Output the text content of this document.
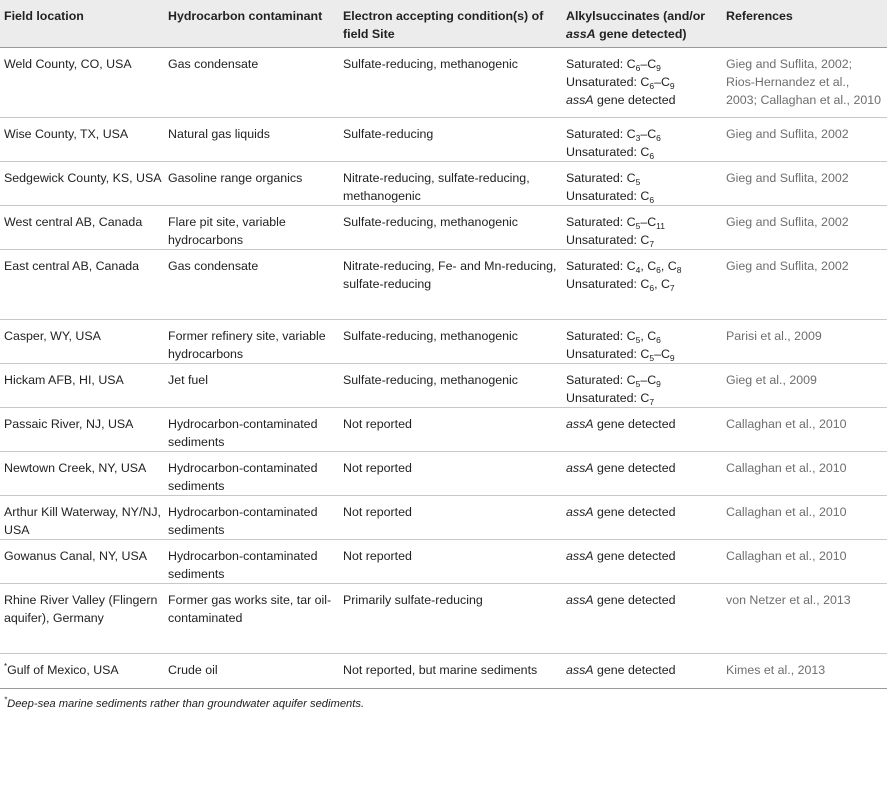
Field location	Hydrocarbon contaminant	Electron accepting condition(s) of field Site	Alkylsuccinates (and/or
assA gene detected)	References
Weld County, CO, USA	Gas condensate	Sulfate-reducing, methanogenic	Saturated: $C_6-C_9$
Unsaturated: $C_6-C_9$
assA gene detected	Gieg and Suflita, 2002;
Rios-Hernandez et al.,
2003; Callaghan et al., 2010

Wise County, TX, USA	Natural gas liquids	Sulfate-reducing	Saturated: $C_3-C_6$
Unsaturated: $C_6$	Gieg and Suflita, 2002

Sedgewick County, KS, USA	Gasoline range organics	Nitrate-reducing, sulfate-reducing, methanogenic	Saturated: $C_5$
Unsaturated: $C_6$	Gieg and Suflita, 2002

West central AB, Canada	Flare pit site, variable hydrocarbons	Sulfate-reducing, methanogenic	Saturated: $C_5-C_{11}$
Unsaturated: $C_7$	Gieg and Suflita, 2002

East central AB, Canada	Gas condensate	Nitrate-reducing, Fe- and Mn-reducing, sulfate-reducing	Saturated: $C_4$, $C_6$, $C_8$
Unsaturated: $C_6$, $C_7$	Gieg and Suflita, 2002

Casper, WY, USA	Former refinery site, variable hydrocarbons	Sulfate-reducing, methanogenic	Saturated: $C_5$, $C_6$
Unsaturated: $C_5-C_9$	Parisi et al., 2009

Hickam AFB, HI, USA	Jet fuel	Sulfate-reducing, methanogenic	Saturated: $C_5-C_9$
Unsaturated: $C_7$	Gieg et al., 2009

Passaic River, NJ, USA	Hydrocarbon-contaminated sediments	Not reported	assA gene detected	Callaghan et al., 2010

Newtown Creek, NY, USA	Hydrocarbon-contaminated sediments	Not reported	assA gene detected	Callaghan et al., 2010

Arthur Kill Waterway, NY/NJ, USA	Hydrocarbon-contaminated sediments	Not reported	assA gene detected	Callaghan et al., 2010

Gowanus Canal, NY, USA	Hydrocarbon-contaminated sediments	Not reported	assA gene detected	Callaghan et al., 2010

Rhine River Valley (Flingern aquifer), Germany	Former gas works site, tar oil-contaminated	Primarily sulfate-reducing	assA gene detected	von Netzer et al., 2013

*Gulf of Mexico, USA	Crude oil	Not reported, but marine sediments	assA gene detected	Kimes et al., 2013
*Deep-sea marine sediments rather than groundwater aquifer sediments.
